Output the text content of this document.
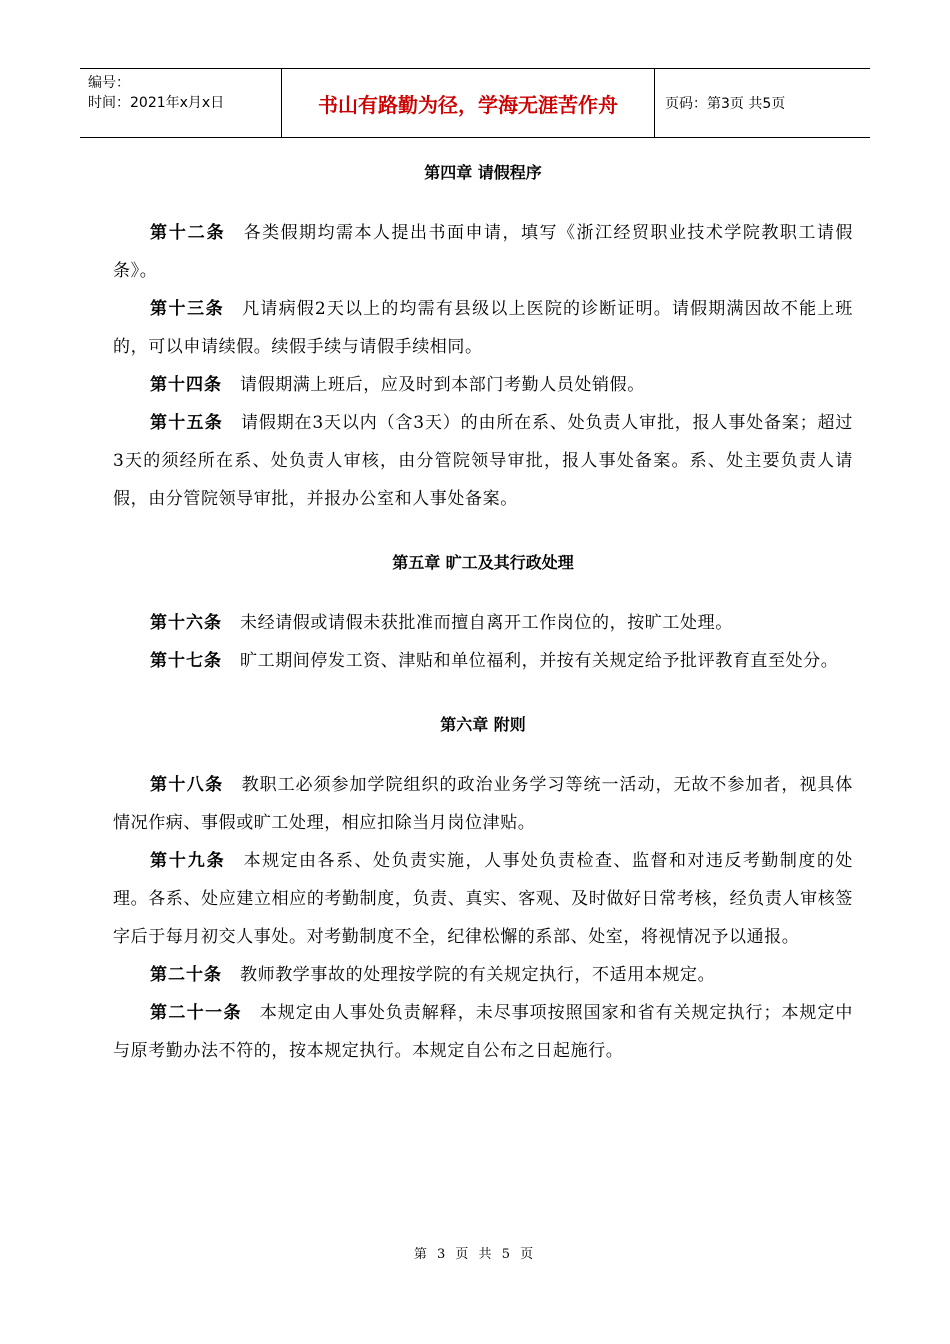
编号：
时间：2021年x月x日	书山有路勤为径，学海无涯苦作舟	页码：第3页 共5页
第四章 请假程序

第十二条 各类假期均需本人提出书面申请，填写《浙江经贸职业技术学院教职工请假条》。

第十三条 凡请病假2天以上的均需有县级以上医院的诊断证明。请假期满因故不能上班的，可以申请续假。续假手续与请假手续相同。

第十四条 请假期满上班后，应及时到本部门考勤人员处销假。

第十五条 请假期在3天以内（含3天）的由所在系、处负责人审批，报人事处备案；超过3天的须经所在系、处负责人审核，由分管院领导审批，报人事处备案。系、处主要负责人请假，由分管院领导审批，并报办公室和人事处备案。

第五章 旷工及其行政处理

第十六条 未经请假或请假未获批准而擅自离开工作岗位的，按旷工处理。

第十七条 旷工期间停发工资、津贴和单位福利，并按有关规定给予批评教育直至处分。

第六章 附则

第十八条 教职工必须参加学院组织的政治业务学习等统一活动，无故不参加者，视具体情况作病、事假或旷工处理，相应扣除当月岗位津贴。

第十九条 本规定由各系、处负责实施，人事处负责检查、监督和对违反考勤制度的处理。各系、处应建立相应的考勤制度，负责、真实、客观、及时做好日常考核，经负责人审核签字后于每月初交人事处。对考勤制度不全，纪律松懈的系部、处室，将视情况予以通报。

第二十条 教师教学事故的处理按学院的有关规定执行，不适用本规定。

第二十一条 本规定由人事处负责解释，未尽事项按照国家和省有关规定执行；本规定中与原考勤办法不符的，按本规定执行。本规定自公布之日起施行。

第 3 页 共 5 页
